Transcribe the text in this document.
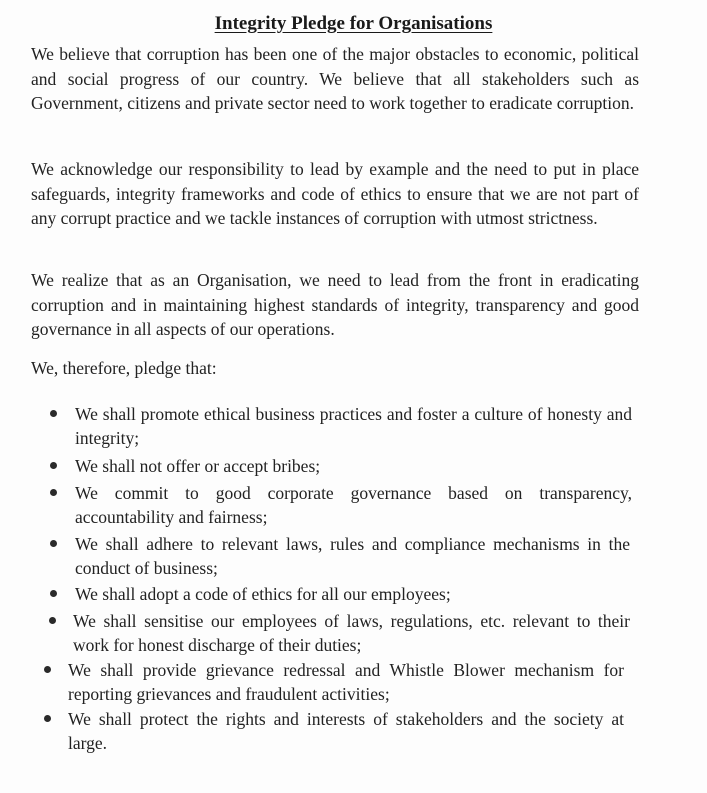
Integrity Pledge for Organisations

We believe that corruption has been one of the major obstacles to economic, political and social progress of our country. We believe that all stakeholders such as Government, citizens and private sector need to work together to eradicate corruption.

We acknowledge our responsibility to lead by example and the need to put in place safeguards, integrity frameworks and code of ethics to ensure that we are not part of any corrupt practice and we tackle instances of corruption with utmost strictness.

We realize that as an Organisation, we need to lead from the front in eradicating corruption and in maintaining highest standards of integrity, transparency and good governance in all aspects of our operations.

We, therefore, pledge that:

We shall promote ethical business practices and foster a culture of honesty and integrity;
We shall not offer or accept bribes;
We commit to good corporate governance based on transparency, accountability and fairness;
We shall adhere to relevant laws, rules and compliance mechanisms in the conduct of business;
We shall adopt a code of ethics for all our employees;
We shall sensitise our employees of laws, regulations, etc. relevant to their work for honest discharge of their duties;
We shall provide grievance redressal and Whistle Blower mechanism for reporting grievances and fraudulent activities;
We shall protect the rights and interests of stakeholders and the society at large.
